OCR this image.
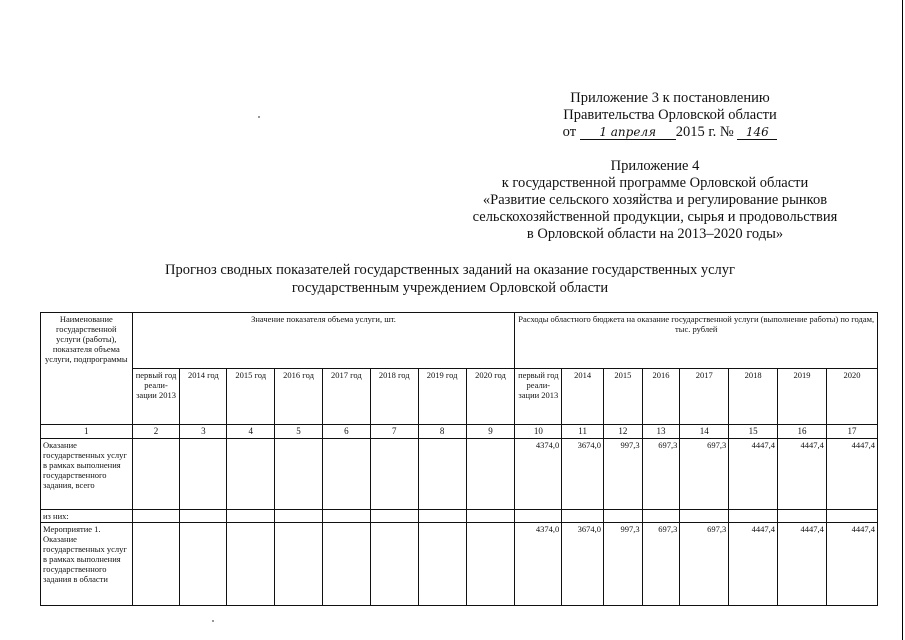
Приложение 3 к постановлению
Правительства Орловской области
от 1 апреля 2015 г. № 146
Приложение 4
к государственной программе Орловской области
«Развитие сельского хозяйства и регулирование рынков
сельскохозяйственной продукции, сырья и продовольствия
в Орловской области на 2013–2020 годы»
Прогноз сводных показателей государственных заданий на оказание государственных услуг
государственным учреждением Орловской области
Наименование государственной услуги (работы), показателя объема услуги, подпрограммы	Значение показателя объема услуги, шт.								Расходы областного бюджета на оказание государственной услуги (выполнение работы) по годам, тыс. рублей							
	первый год реали-зации 2013	2014 год	2015 год	2016 год	2017 год	2018 год	2019 год	2020 год	первый год реали-зации 2013	2014	2015	2016	2017	2018	2019	2020
1	2	3	4	5	6	7	8	9	10	11	12	13	14	15	16	17
Оказание государственных услуг в рамках выполнения государственного задания, всего									4374,0	3674,0	997,3	697,3	697,3	4447,4	4447,4	4447,4
из них:																
Мероприятие 1. Оказание государственных услуг в рамках выполнения государственного задания в области									4374,0	3674,0	997,3	697,3	697,3	4447,4	4447,4	4447,4
